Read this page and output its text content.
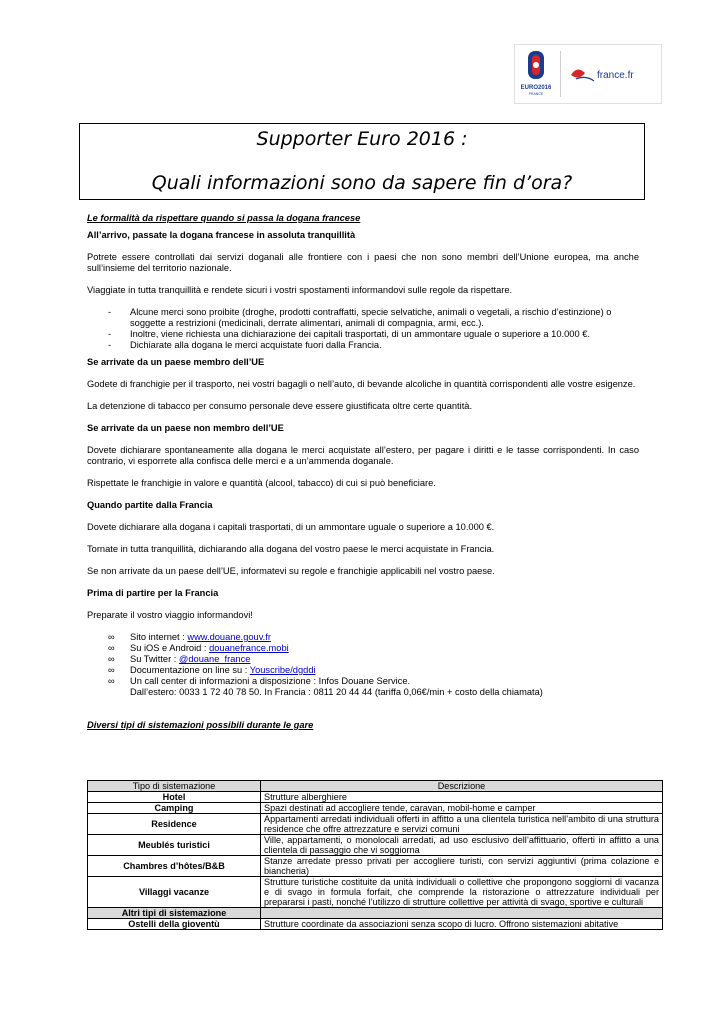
EURO2016
FRANCE
france.fr
Supporter Euro 2016 :
Quali informazioni sono da sapere fin d’ora?

Le formalità da rispettare quando si passa la dogana francese

All’arrivo, passate la dogana francese in assoluta tranquillità

Potrete essere controllati dai servizi doganali alle frontiere con i paesi che non sono membri dell’Unione europea, ma anche sull’insieme del territorio nazionale.

Viaggiate in tutta tranquillità e rendete sicuri i vostri spostamenti informandovi sulle regole da rispettare.

- Alcune merci sono proibite (droghe, prodotti contraffatti, specie selvatiche, animali o vegetali, a rischio d’estinzione) o soggette a restrizioni (medicinali, derrate alimentari, animali di compagnia, armi, ecc.).
- Inoltre, viene richiesta una dichiarazione dei capitali trasportati, di un ammontare uguale o superiore a 10.000 €.
- Dichiarate alla dogana le merci acquistate fuori dalla Francia.

Se arrivate da un paese membro dell’UE

Godete di franchigie per il trasporto, nei vostri bagagli o nell’auto, di bevande alcoliche in quantità corrispondenti alle vostre esigenze.

La detenzione di tabacco per consumo personale deve essere giustificata oltre certe quantità.

Se arrivate da un paese non membro dell’UE

Dovete dichiarare spontaneamente alla dogana le merci acquistate all’estero, per pagare i diritti e le tasse corrispondenti. In caso contrario, vi esporrete alla confisca delle merci e a un’ammenda doganale.

Rispettate le franchigie in valore e quantità (alcool, tabacco) di cui si può beneficiare.

Quando partite dalla Francia

Dovete dichiarare alla dogana i capitali trasportati, di un ammontare uguale o superiore a 10.000 €.

Tornate in tutta tranquillità, dichiarando alla dogana del vostro paese le merci acquistate in Francia.

Se non arrivate da un paese dell’UE, informatevi su regole e franchigie applicabili nel vostro paese.

Prima di partire per la Francia

Preparate il vostro viaggio informandovi!

∞ Sito internet : www.douane.gouv.fr
∞ Su iOS e Android : douanefrance.mobi
∞ Su Twitter : @douane_france
∞ Documentazione on line su : Youscribe/dgddi
∞ Un call center di informazioni a disposizione : Infos Douane Service.
Dall’estero: 0033 1 72 40 78 50. In Francia : 0811 20 44 44 (tariffa 0,06€/min + costo della chiamata)

Diversi tipi di sistemazioni possibili durante le gare

Tipo di sistemazione	Descrizione
Hotel	Strutture alberghiere
Camping	Spazi destinati ad accogliere tende, caravan, mobil-home e camper
Residence	Appartamenti arredati individuali offerti in affitto a una clientela turistica nell’ambito di una struttura residence che offre attrezzature e servizi comuni
Meublés turistici	Ville, appartamenti, o monolocali arredati, ad uso esclusivo dell’affittuario, offerti in affitto a una clientela di passaggio che vi soggiorna
Chambres d’hôtes/B&B	Stanze arredate presso privati per accogliere turisti, con servizi aggiuntivi (prima colazione e biancheria)
Villaggi vacanze	Strutture turistiche costituite da unità individuali o collettive che propongono soggiorni di vacanza e di svago in formula forfait, che comprende la ristorazione o attrezzature individuali per prepararsi i pasti, nonché l’utilizzo di strutture collettive per attività di svago, sportive e culturali
Altri tipi di sistemazione	
Ostelli della gioventù	Strutture coordinate da associazioni senza scopo di lucro. Offrono sistemazioni abitative
